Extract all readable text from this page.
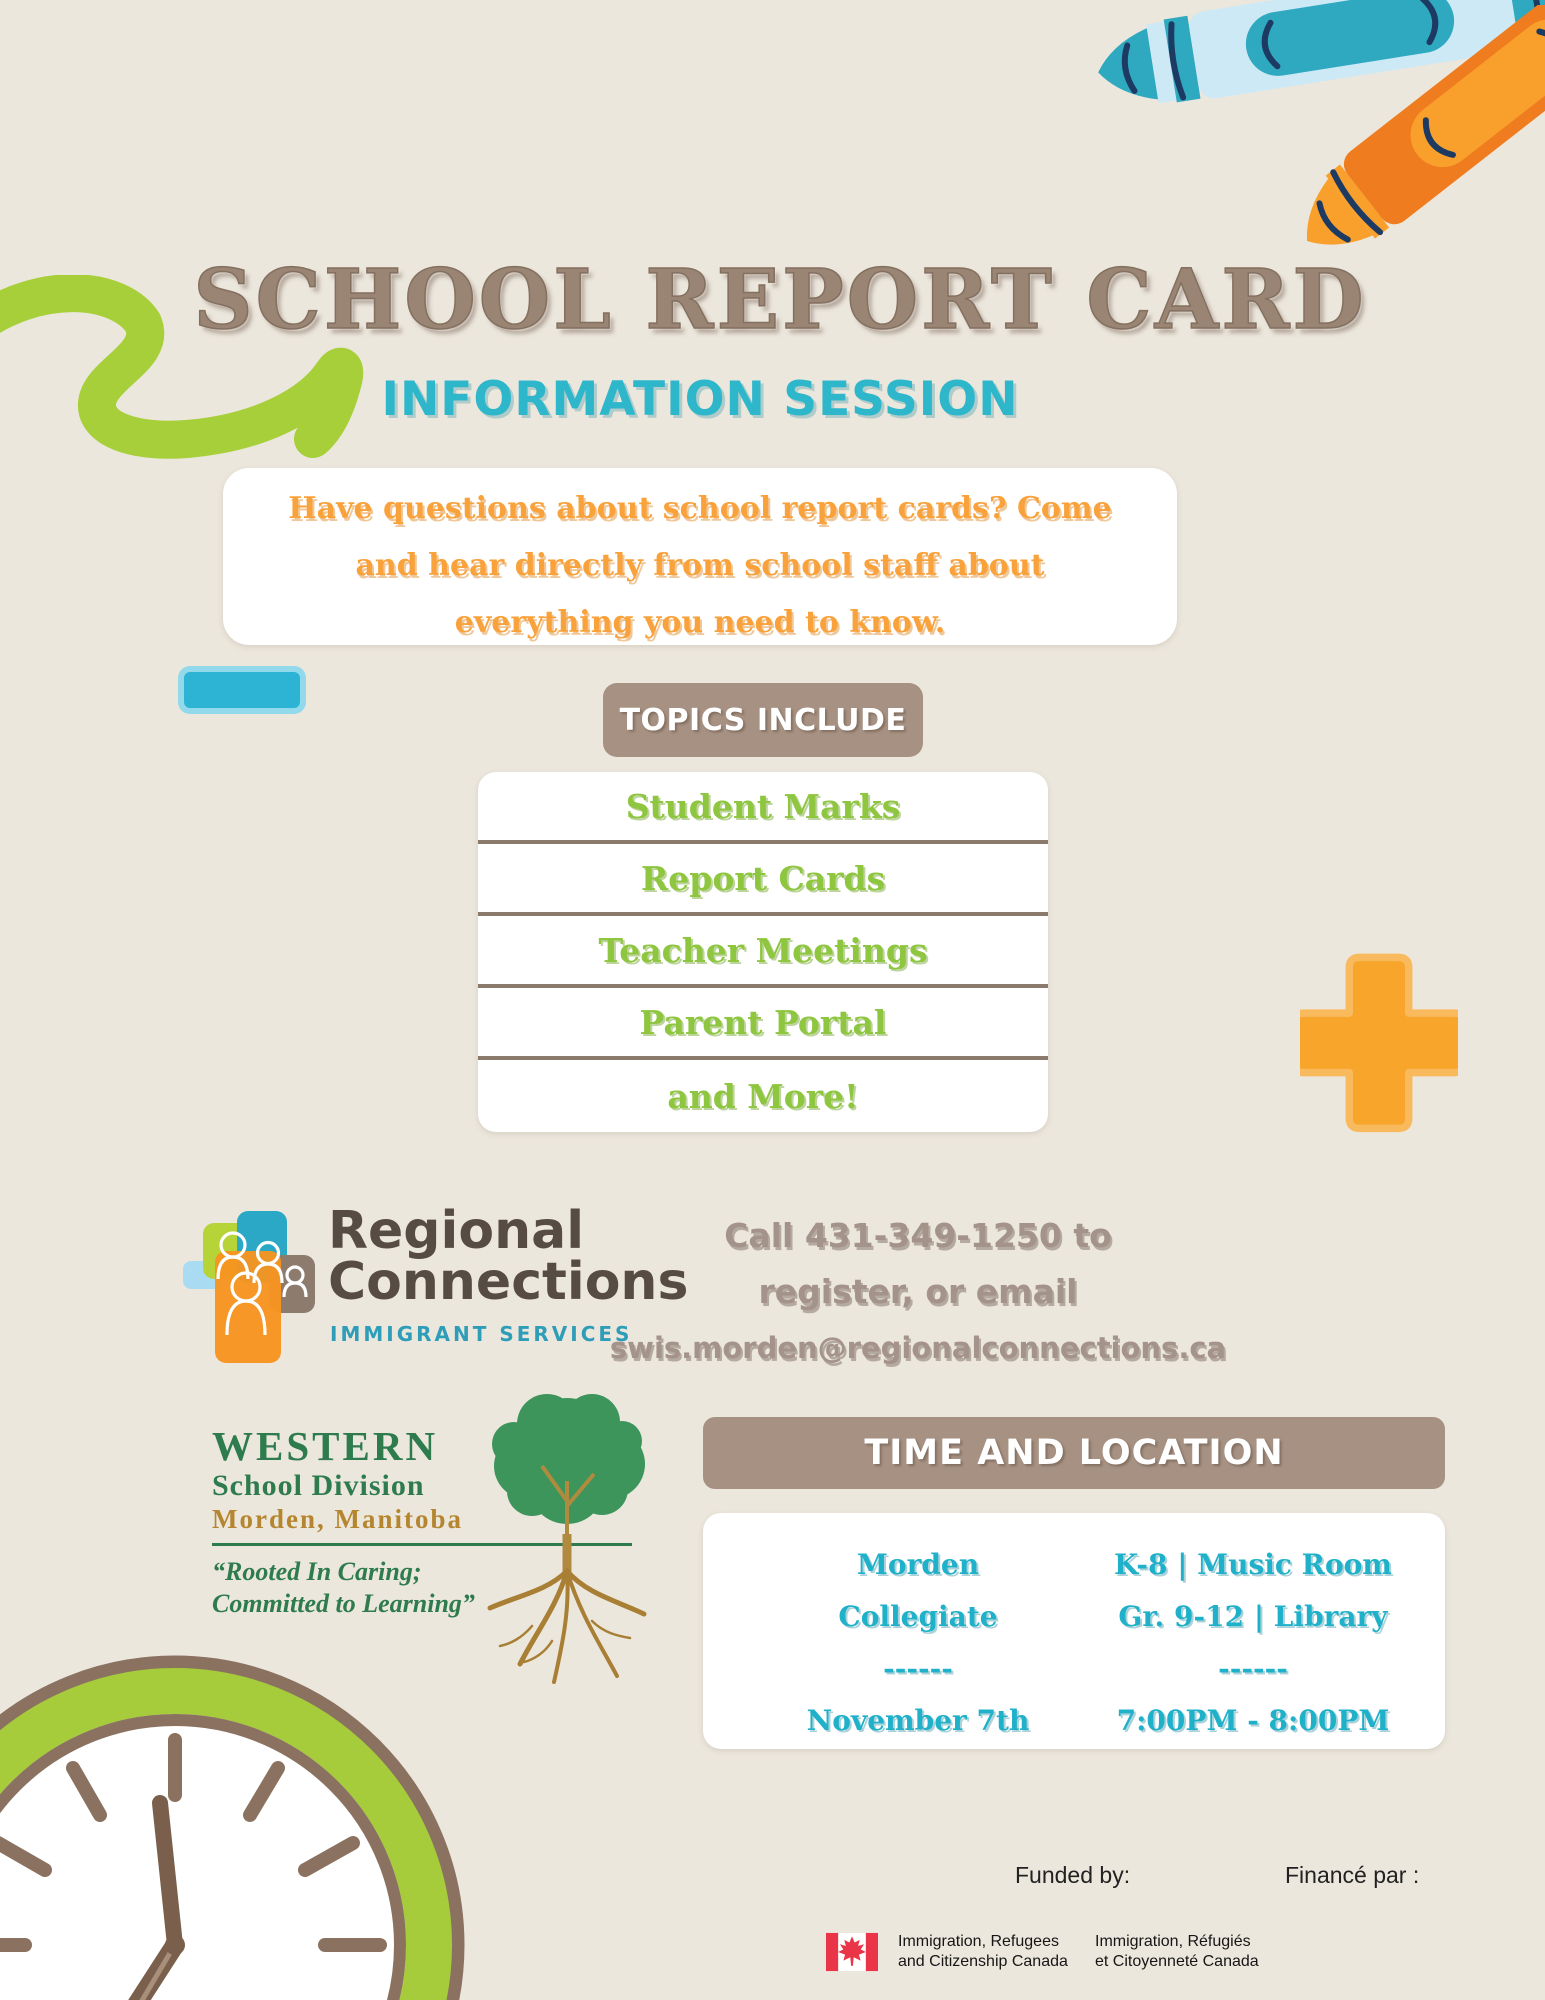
SCHOOL REPORT CARD
INFORMATION SESSION
Have questions about school report cards? Come
and hear directly from school staff about
everything you need to know.
TOPICS INCLUDE
Student Marks
Report Cards
Teacher Meetings
Parent Portal
and More!
Regional
Connections
IMMIGRANT SERVICES
Call 431-349-1250 to
register, or email
swis.morden@regionalconnections.ca
WESTERN
School Division
Morden, Manitoba
“Rooted In Caring;
Committed to Learning”
TIME AND LOCATION
Morden
Collegiate
------
November 7th
K-8 | Music Room
Gr. 9-12 | Library
------
7:00PM - 8:00PM
Funded by:	Financé par :
Immigration, Refugees
and Citizenship Canada
Immigration, Réfugiés
et Citoyenneté Canada
